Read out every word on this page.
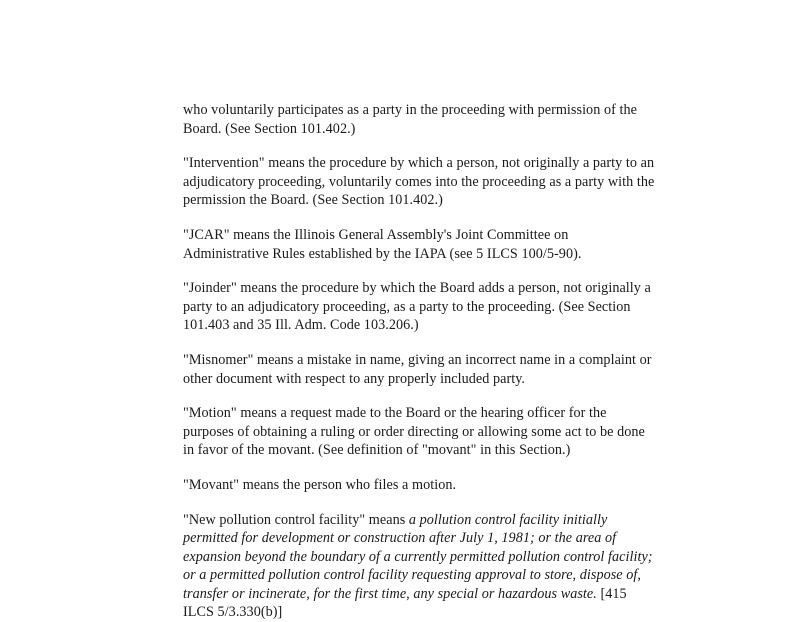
who voluntarily participates as a party in the proceeding with permission of the
Board. (See Section 101.402.)
"Intervention" means the procedure by which a person, not originally a party to an
adjudicatory proceeding, voluntarily comes into the proceeding as a party with the
permission the Board. (See Section 101.402.)
"JCAR" means the Illinois General Assembly's Joint Committee on
Administrative Rules established by the IAPA (see 5 ILCS 100/5-90).
"Joinder" means the procedure by which the Board adds a person, not originally a
party to an adjudicatory proceeding, as a party to the proceeding. (See Section
101.403 and 35 Ill. Adm. Code 103.206.)
"Misnomer" means a mistake in name, giving an incorrect name in a complaint or
other document with respect to any properly included party.
"Motion" means a request made to the Board or the hearing officer for the
purposes of obtaining a ruling or order directing or allowing some act to be done
in favor of the movant. (See definition of "movant" in this Section.)
"Movant" means the person who files a motion.
"New pollution control facility" means a pollution control facility initially
permitted for development or construction after July 1, 1981; or the area of
expansion beyond the boundary of a currently permitted pollution control facility;
or a permitted pollution control facility requesting approval to store, dispose of,
transfer or incinerate, for the first time, any special or hazardous waste. [415
ILCS 5/3.330(b)]
